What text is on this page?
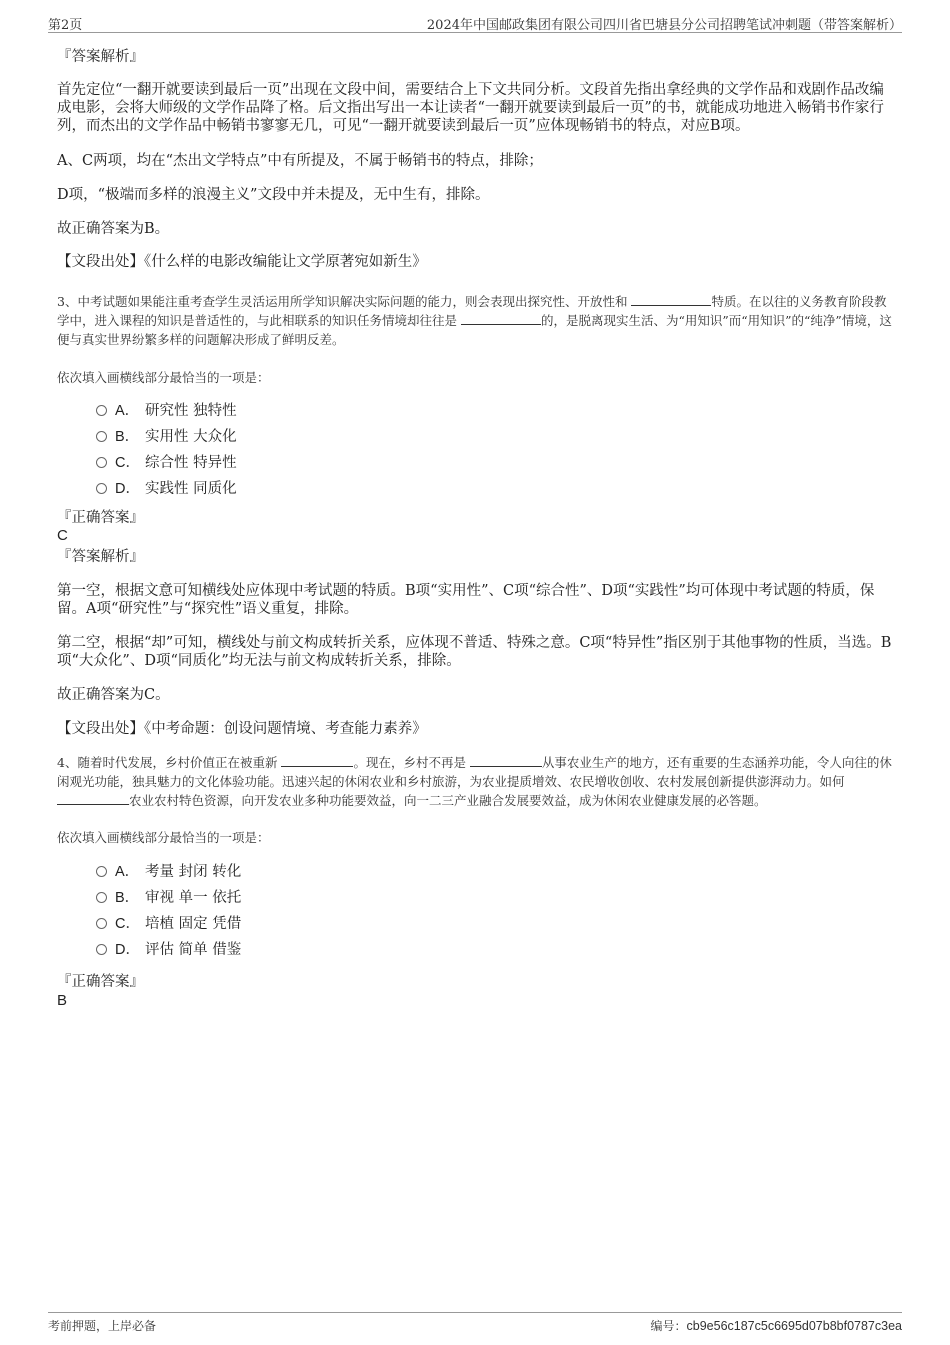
第2页	2024年中国邮政集团有限公司四川省巴塘县分公司招聘笔试冲刺题（带答案解析）
『答案解析』
首先定位“一翻开就要读到最后一页”出现在文段中间，需要结合上下文共同分析。文段首先指出拿经典的文学作品和戏剧作品改编成电影，会将大师级的文学作品降了格。后文指出写出一本让读者“一翻开就要读到最后一页”的书，就能成功地进入畅销书作家行列，而杰出的文学作品中畅销书寥寥无几，可见“一翻开就要读到最后一页”应体现畅销书的特点，对应B项。
A、C两项，均在“杰出文学特点”中有所提及，不属于畅销书的特点，排除；
D项，“极端而多样的浪漫主义”文段中并未提及，无中生有，排除。
故正确答案为B。
【文段出处】《什么样的电影改编能让文学原著宛如新生》
3、中考试题如果能注重考查学生灵活运用所学知识解决实际问题的能力，则会表现出探究性、开放性和	特质。在以往的义务教育阶段教学中，进入课程的知识是普适性的，与此相联系的知识任务情境却往往是	的，是脱离现实生活、为“用知识”而“用知识”的“纯净”情境，这便与真实世界纷繁多样的问题解决形成了鲜明反差。
依次填入画横线部分最恰当的一项是：
A． 研究性 独特性
B． 实用性 大众化
C． 综合性 特异性
D． 实践性 同质化
『正确答案』
C
『答案解析』
第一空，根据文意可知横线处应体现中考试题的特质。B项“实用性”、C项“综合性”、D项“实践性”均可体现中考试题的特质，保留。A项“研究性”与“探究性”语义重复，排除。
第二空，根据“却”可知，横线处与前文构成转折关系，应体现不普适、特殊之意。C项“特异性”指区别于其他事物的性质，当选。B项“大众化”、D项“同质化”均无法与前文构成转折关系，排除。
故正确答案为C。
【文段出处】《中考命题：创设问题情境、考查能力素养》
4、随着时代发展，乡村价值正在被重新	。现在，乡村不再是	从事农业生产的地方，还有重要的生态涵养功能，令人向往的休闲观光功能，独具魅力的文化体验功能。迅速兴起的休闲农业和乡村旅游，为农业提质增效、农民增收创收、农村发展创新提供澎湃动力。如何 农业农村特色资源，向开发农业多种功能要效益，向一二三产业融合发展要效益，成为休闲农业健康发展的必答题。
依次填入画横线部分最恰当的一项是：
A． 考量 封闭 转化
B． 审视 单一 依托
C． 培植 固定 凭借
D． 评估 简单 借鉴
『正确答案』
B
考前押题，上岸必备	编号：cb9e56c187c5c6695d07b8bf0787c3ea
